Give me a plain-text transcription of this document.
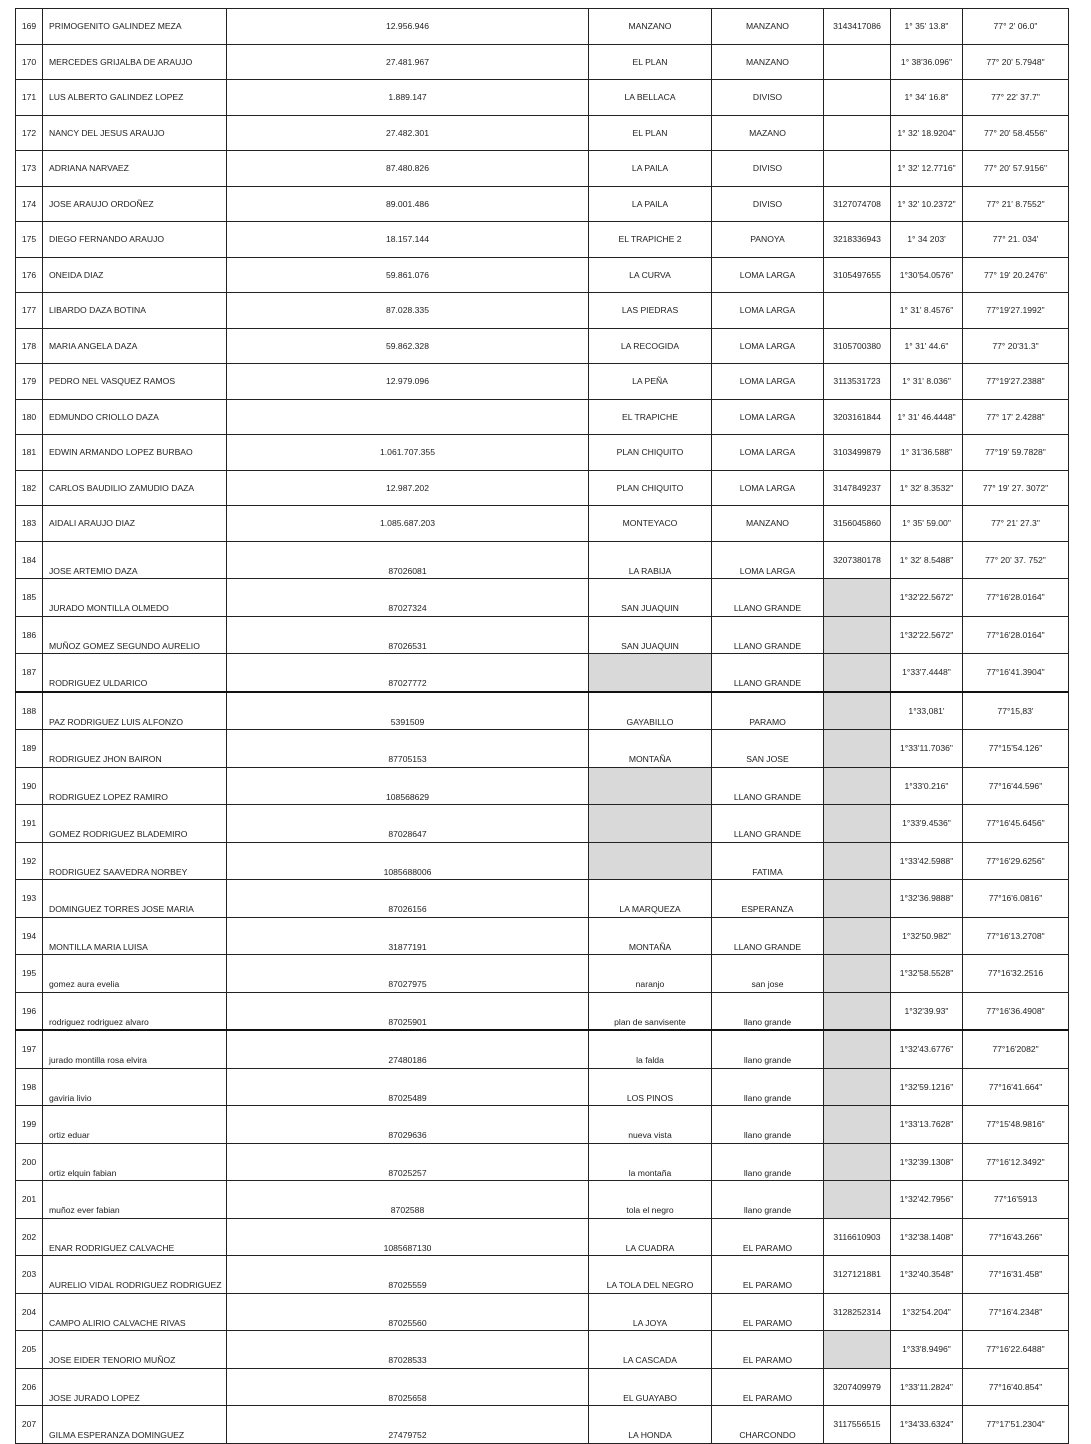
169	PRIMOGENITO GALINDEZ MEZA	12.956.946	MANZANO	MANZANO	3143417086	1° 35' 13.8"	77° 2' 06.0"
170	MERCEDES GRIJALBA DE ARAUJO	27.481.967	EL PLAN	MANZANO		1° 38'36.096"	77° 20' 5.7948"
171	LUS ALBERTO GALINDEZ LOPEZ	1.889.147	LA BELLACA	DIVISO		1° 34' 16.8"	77° 22' 37.7"
172	NANCY DEL JESUS ARAUJO	27.482.301	EL PLAN	MAZANO		1° 32' 18.9204"	77° 20' 58.4556"
173	ADRIANA NARVAEZ	87.480.826	LA PAILA	DIVISO		1° 32' 12.7716"	77° 20' 57.9156"
174	JOSE ARAUJO ORDOÑEZ	89.001.486	LA PAILA	DIVISO	3127074708	1° 32' 10.2372"	77° 21' 8.7552"
175	DIEGO FERNANDO ARAUJO	18.157.144	EL TRAPICHE 2	PANOYA	3218336943	1° 34 203'	77° 21. 034'
176	ONEIDA DIAZ	59.861.076	LA CURVA	LOMA LARGA	3105497655	1°30'54.0576"	77° 19' 20.2476"
177	LIBARDO DAZA BOTINA	87.028.335	LAS PIEDRAS	LOMA LARGA		1° 31' 8.4576"	77°19'27.1992"
178	MARIA ANGELA DAZA	59.862.328	LA RECOGIDA	LOMA LARGA	3105700380	1° 31' 44.6"	77° 20'31.3"
179	PEDRO NEL VASQUEZ RAMOS	12.979.096	LA PEÑA	LOMA LARGA	3113531723	1° 31' 8.036"	77°19'27.2388"
180	EDMUNDO CRIOLLO DAZA		EL TRAPICHE	LOMA LARGA	3203161844	1° 31' 46.4448"	77° 17' 2.4288"
181	EDWIN ARMANDO LOPEZ BURBAO	1.061.707.355	PLAN CHIQUITO	LOMA LARGA	3103499879	1° 31'36.588"	77°19' 59.7828"
182	CARLOS BAUDILIO ZAMUDIO DAZA	12.987.202	PLAN CHIQUITO	LOMA LARGA	3147849237	1° 32' 8.3532"	77° 19' 27. 3072"
183	AIDALI ARAUJO DIAZ	1.085.687.203	MONTEYACO	MANZANO	3156045860	1° 35' 59.00"	77° 21' 27.3"
184	JOSE ARTEMIO DAZA	87026081	LA RABIJA	LOMA LARGA	3207380178	1° 32' 8.5488"	77° 20' 37. 752"
185	JURADO MONTILLA OLMEDO	87027324	SAN JUAQUIN	LLANO GRANDE		1°32'22.5672"	77°16'28.0164"
186	MUÑOZ GOMEZ SEGUNDO AURELIO	87026531	SAN JUAQUIN	LLANO GRANDE		1°32'22.5672"	77°16'28.0164"
187	RODRIGUEZ ULDARICO	87027772		LLANO GRANDE		1°33'7.4448"	77°16'41.3904"
188	PAZ RODRIGUEZ LUIS ALFONZO	5391509	GAYABILLO	PARAMO		1°33,081'	77°15,83'
189	RODRIGUEZ JHON BAIRON	87705153	MONTAÑA	SAN JOSE		1°33'11.7036"	77°15'54.126"
190	RODRIGUEZ LOPEZ RAMIRO	108568629		LLANO GRANDE		1°33'0.216"	77°16'44.596"
191	GOMEZ RODRIGUEZ BLADEMIRO	87028647		LLANO GRANDE		1°33'9.4536"	77°16'45.6456"
192	RODRIGUEZ SAAVEDRA NORBEY	1085688006		FATIMA		1°33'42.5988"	77°16'29.6256"
193	DOMINGUEZ TORRES JOSE MARIA	87026156	LA MARQUEZA	ESPERANZA		1°32'36.9888"	77°16'6.0816"
194	MONTILLA MARIA LUISA	31877191	MONTAÑA	LLANO GRANDE		1°32'50.982"	77°16'13.2708"
195	gomez aura evelia	87027975	naranjo	san jose		1°32'58.5528"	77°16'32.2516
196	rodriguez rodriguez alvaro	87025901	plan de sanvisente	llano grande		1°32'39.93"	77°16'36.4908"
197	jurado montilla rosa elvira	27480186	la falda	llano grande		1°32'43.6776"	77°16'2082"
198	gaviria livio	87025489	LOS PINOS	llano grande		1°32'59.1216"	77°16'41.664"
199	ortiz eduar	87029636	nueva vista	llano grande		1°33'13.7628"	77°15'48.9816"
200	ortiz elquin fabian	87025257	la montaña	llano grande		1°32'39.1308"	77°16'12.3492"
201	muñoz ever fabian	8702588	tola el negro	llano grande		1°32'42.7956"	77°16'5913
202	ENAR RODRIGUEZ CALVACHE	1085687130	LA CUADRA	EL PARAMO	3116610903	1°32'38.1408"	77°16'43.266"
203	AURELIO VIDAL RODRIGUEZ RODRIGUEZ	87025559	LA TOLA DEL NEGRO	EL PARAMO	3127121881	1°32'40.3548"	77°16'31.458"
204	CAMPO ALIRIO CALVACHE RIVAS	87025560	LA JOYA	EL PARAMO	3128252314	1°32'54.204"	77°16'4.2348"
205	JOSE EIDER TENORIO MUÑOZ	87028533	LA CASCADA	EL PARAMO		1°33'8.9496"	77°16'22.6488"
206	JOSE JURADO LOPEZ	87025658	EL GUAYABO	EL PARAMO	3207409979	1°33'11.2824"	77°16'40.854"
207	GILMA ESPERANZA DOMINGUEZ	27479752	LA HONDA	CHARCONDO	3117556515	1°34'33.6324"	77°17'51.2304"
